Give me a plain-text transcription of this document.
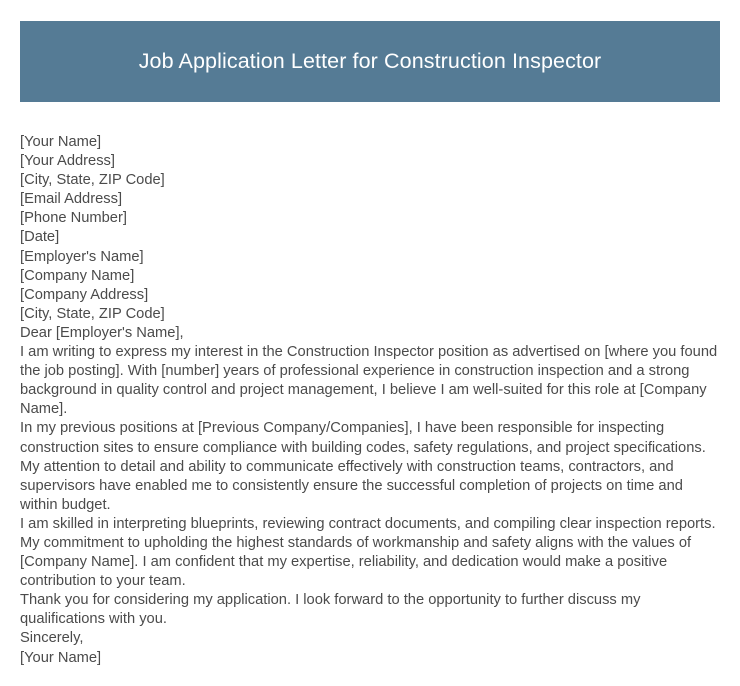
Job Application Letter for Construction Inspector
[Your Name]
[Your Address]
[City, State, ZIP Code]
[Email Address]
[Phone Number]
[Date]
[Employer's Name]
[Company Name]
[Company Address]
[City, State, ZIP Code]
Dear [Employer's Name],

I am writing to express my interest in the Construction Inspector position as advertised on [where you found the job posting]. With [number] years of professional experience in construction inspection and a strong background in quality control and project management, I believe I am well-suited for this role at [Company Name].

In my previous positions at [Previous Company/Companies], I have been responsible for inspecting construction sites to ensure compliance with building codes, safety regulations, and project specifications. My attention to detail and ability to communicate effectively with construction teams, contractors, and supervisors have enabled me to consistently ensure the successful completion of projects on time and within budget.

I am skilled in interpreting blueprints, reviewing contract documents, and compiling clear inspection reports. My commitment to upholding the highest standards of workmanship and safety aligns with the values of [Company Name]. I am confident that my expertise, reliability, and dedication would make a positive contribution to your team.

Thank you for considering my application. I look forward to the opportunity to further discuss my qualifications with you.

Sincerely,
[Your Name]
